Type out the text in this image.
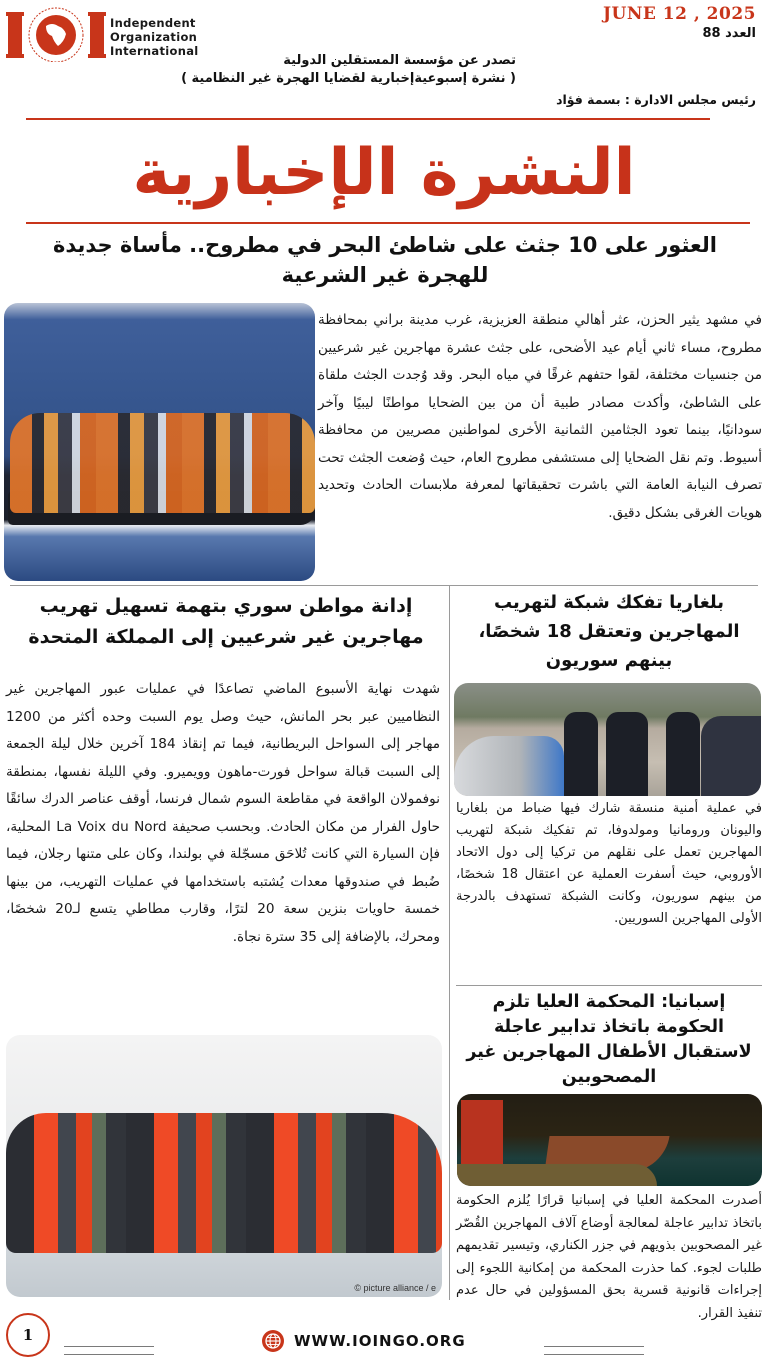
Independent
Organization
International
JUNE 12 , 2025
العدد 88
تصدر عن مؤسسة المستقلين الدولية
( نشرة إسبوعيةإخبارية لقضايا الهجرة غير النظامية )
رئيس مجلس الادارة : بسمة فؤاد
النشرة الإخبارية
العثور على 10 جثث على شاطئ البحر في مطروح.. مأساة جديدة للهجرة غير الشرعية
في مشهد يثير الحزن، عثر أهالي منطقة العزيزية، غرب مدينة براني بمحافظة مطروح، مساء ثاني أيام عيد الأضحى، على جثث عشرة مهاجرين غير شرعيين من جنسيات مختلفة، لقوا حتفهم غرقًا في مياه البحر. وقد وُجدت الجثث ملقاة على الشاطئ، وأكدت مصادر طبية أن من بين الضحايا مواطنًا ليبيًا وآخر سودانيًا، بينما تعود الجثامين الثمانية الأخرى لمواطنين مصريين من محافظة أسيوط. وتم نقل الضحايا إلى مستشفى مطروح العام، حيث وُضعت الجثث تحت تصرف النيابة العامة التي باشرت تحقيقاتها لمعرفة ملابسات الحادث وتحديد هويات الغرقى بشكل دقيق.
إدانة مواطن سوري بتهمة تسهيل تهريب مهاجرين غير شرعيين إلى المملكة المتحدة
شهدت نهاية الأسبوع الماضي تصاعدًا في عمليات عبور المهاجرين غير النظاميين عبر بحر المانش، حيث وصل يوم السبت وحده أكثر من 1200 مهاجر إلى السواحل البريطانية، فيما تم إنقاذ 184 آخرين خلال ليلة الجمعة إلى السبت قبالة سواحل فورت-ماهون وويميرو. وفي الليلة نفسها، بمنطقة نوفمولان الواقعة في مقاطعة السوم شمال فرنسا، أوقف عناصر الدرك سائقًا حاول الفرار من مكان الحادث. وبحسب صحيفة La Voix du Nord المحلية، فإن السيارة التي كانت تُلاحَق مسجّلة في بولندا، وكان على متنها رجلان، فيما ضُبط في صندوقها معدات يُشتبه باستخدامها في عمليات التهريب، من بينها خمسة حاويات بنزين سعة 20 لترًا، وقارب مطاطي يتسع لـ20 شخصًا، ومحرك، بالإضافة إلى 35 سترة نجاة.
© picture alliance / e
بلغاريا تفكك شبكة لتهريب المهاجرين وتعتقل 18 شخصًا، بينهم سوريون
في عملية أمنية منسقة شارك فيها ضباط من بلغاريا واليونان ورومانيا ومولدوفا، تم تفكيك شبكة لتهريب المهاجرين تعمل على نقلهم من تركيا إلى دول الاتحاد الأوروبي، حيث أسفرت العملية عن اعتقال 18 شخصًا، من بينهم سوريون، وكانت الشبكة تستهدف بالدرجة الأولى المهاجرين السوريين.
إسبانيا: المحكمة العليا تلزم الحكومة باتخاذ تدابير عاجلة لاستقبال الأطفال المهاجرين غير المصحوبين
أصدرت المحكمة العليا في إسبانيا قرارًا يُلزم الحكومة باتخاذ تدابير عاجلة لمعالجة أوضاع آلاف المهاجرين القُصّر غير المصحوبين بذويهم في جزر الكناري، وتيسير تقديمهم طلبات لجوء. كما حذرت المحكمة من إمكانية اللجوء إلى إجراءات قانونية قسرية بحق المسؤولين في حال عدم تنفيذ القرار.
1	WWW.IOINGO.ORG
